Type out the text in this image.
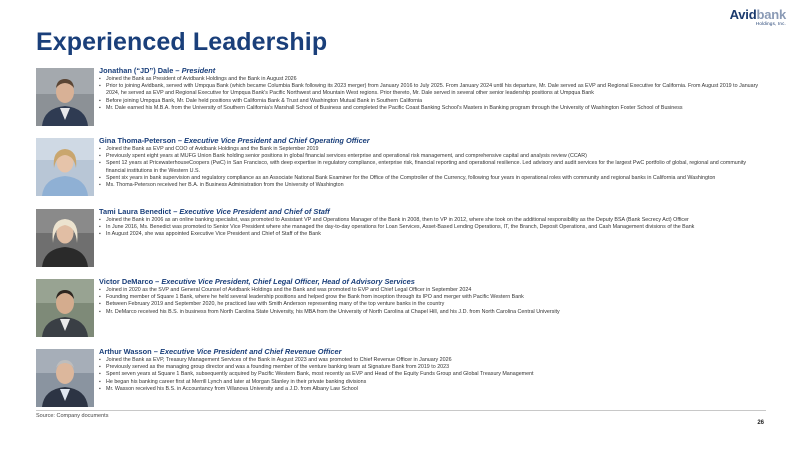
Avidbank
Holdings, Inc.
Experienced Leadership
Jonathan (“JD”) Dale – President
▪ Joined the Bank as President of Avidbank Holdings and the Bank in August 2026
▪ Prior to joining Avidbank, served with Umpqua Bank (which became Columbia Bank following its 2023 merger) from January 2016 to July 2025. From January 2024 until his departure, Mr. Dale served as EVP and Regional Executive for California. From August 2019 to January 2024, he served as EVP and Regional Executive for Umpqua Bank's Pacific Northwest and Mountain West regions. Prior thereto, Mr. Dale served in several other senior leadership positions at Umpqua Bank
▪ Before joining Umpqua Bank, Mr. Dale held positions with California Bank & Trust and Washington Mutual Bank in Southern California
▪ Mr. Dale earned his M.B.A. from the University of Southern California's Marshall School of Business and completed the Pacific Coast Banking School's Masters in Banking program through the University of Washington Foster School of Business
Gina Thoma-Peterson – Executive Vice President and Chief Operating Officer
▪ Joined the Bank as EVP and COO of Avidbank Holdings and the Bank in September 2019
▪ Previously spent eight years at MUFG Union Bank holding senior positions in global financial services enterprise and operational risk management, and comprehensive capital and analysis review (CCAR)
▪ Spent 12 years at PricewaterhouseCoopers (PwC) in San Francisco, with deep expertise in regulatory compliance, enterprise risk, financial reporting and operational resilience. Led advisory and audit services for the largest PwC portfolio of global, regional and community financial institutions in the Western U.S.
▪ Spent six years in bank supervision and regulatory compliance as an Associate National Bank Examiner for the Office of the Comptroller of the Currency, following four years in operational roles with community and regional banks in California and Washington
▪ Ms. Thoma-Peterson received her B.A. in Business Administration from the University of Washington
Tami Laura Benedict – Executive Vice President and Chief of Staff
▪ Joined the Bank in 2006 as an online banking specialist, was promoted to Assistant VP and Operations Manager of the Bank in 2008, then to VP in 2012, where she took on the additional responsibility as the Deputy BSA (Bank Secrecy Act) Officer
▪ In June 2016, Ms. Benedict was promoted to Senior Vice President where she managed the day-to-day operations for Loan Services, Asset-Based Lending Operations, IT, the Branch, Deposit Operations, and Cash Management divisions of the Bank
▪ In August 2024, she was appointed Executive Vice President and Chief of Staff of the Bank
Victor DeMarco – Executive Vice President, Chief Legal Officer, Head of Advisory Services
▪ Joined in 2020 as the SVP and General Counsel of Avidbank Holdings and the Bank and was promoted to EVP and Chief Legal Officer in September 2024
▪ Founding member of Square 1 Bank, where he held several leadership positions and helped grow the Bank from inception through its IPO and merger with Pacific Western Bank
▪ Between February 2019 and September 2020, he practiced law with Smith Anderson representing many of the top venture banks in the country
▪ Mr. DeMarco received his B.S. in business from North Carolina State University, his MBA from the University of North Carolina at Chapel Hill, and his J.D. from North Carolina Central University
Arthur Wasson – Executive Vice President and Chief Revenue Officer
▪ Joined the Bank as EVP, Treasury Management Services of the Bank in August 2023 and was promoted to Chief Revenue Officer in January 2026
▪ Previously served as the managing group director and was a founding member of the venture banking team at Signature Bank from 2019 to 2023
▪ Spent seven years at Square 1 Bank, subsequently acquired by Pacific Western Bank, most recently as EVP and Head of the Equity Funds Group and Global Treasury Management
▪ He began his banking career first at Merrill Lynch and later at Morgan Stanley in their private banking divisions
▪ Mr. Wasson received his B.S. in Accountancy from Villanova University and a J.D. from Albany Law School
Source: Company documents
26
